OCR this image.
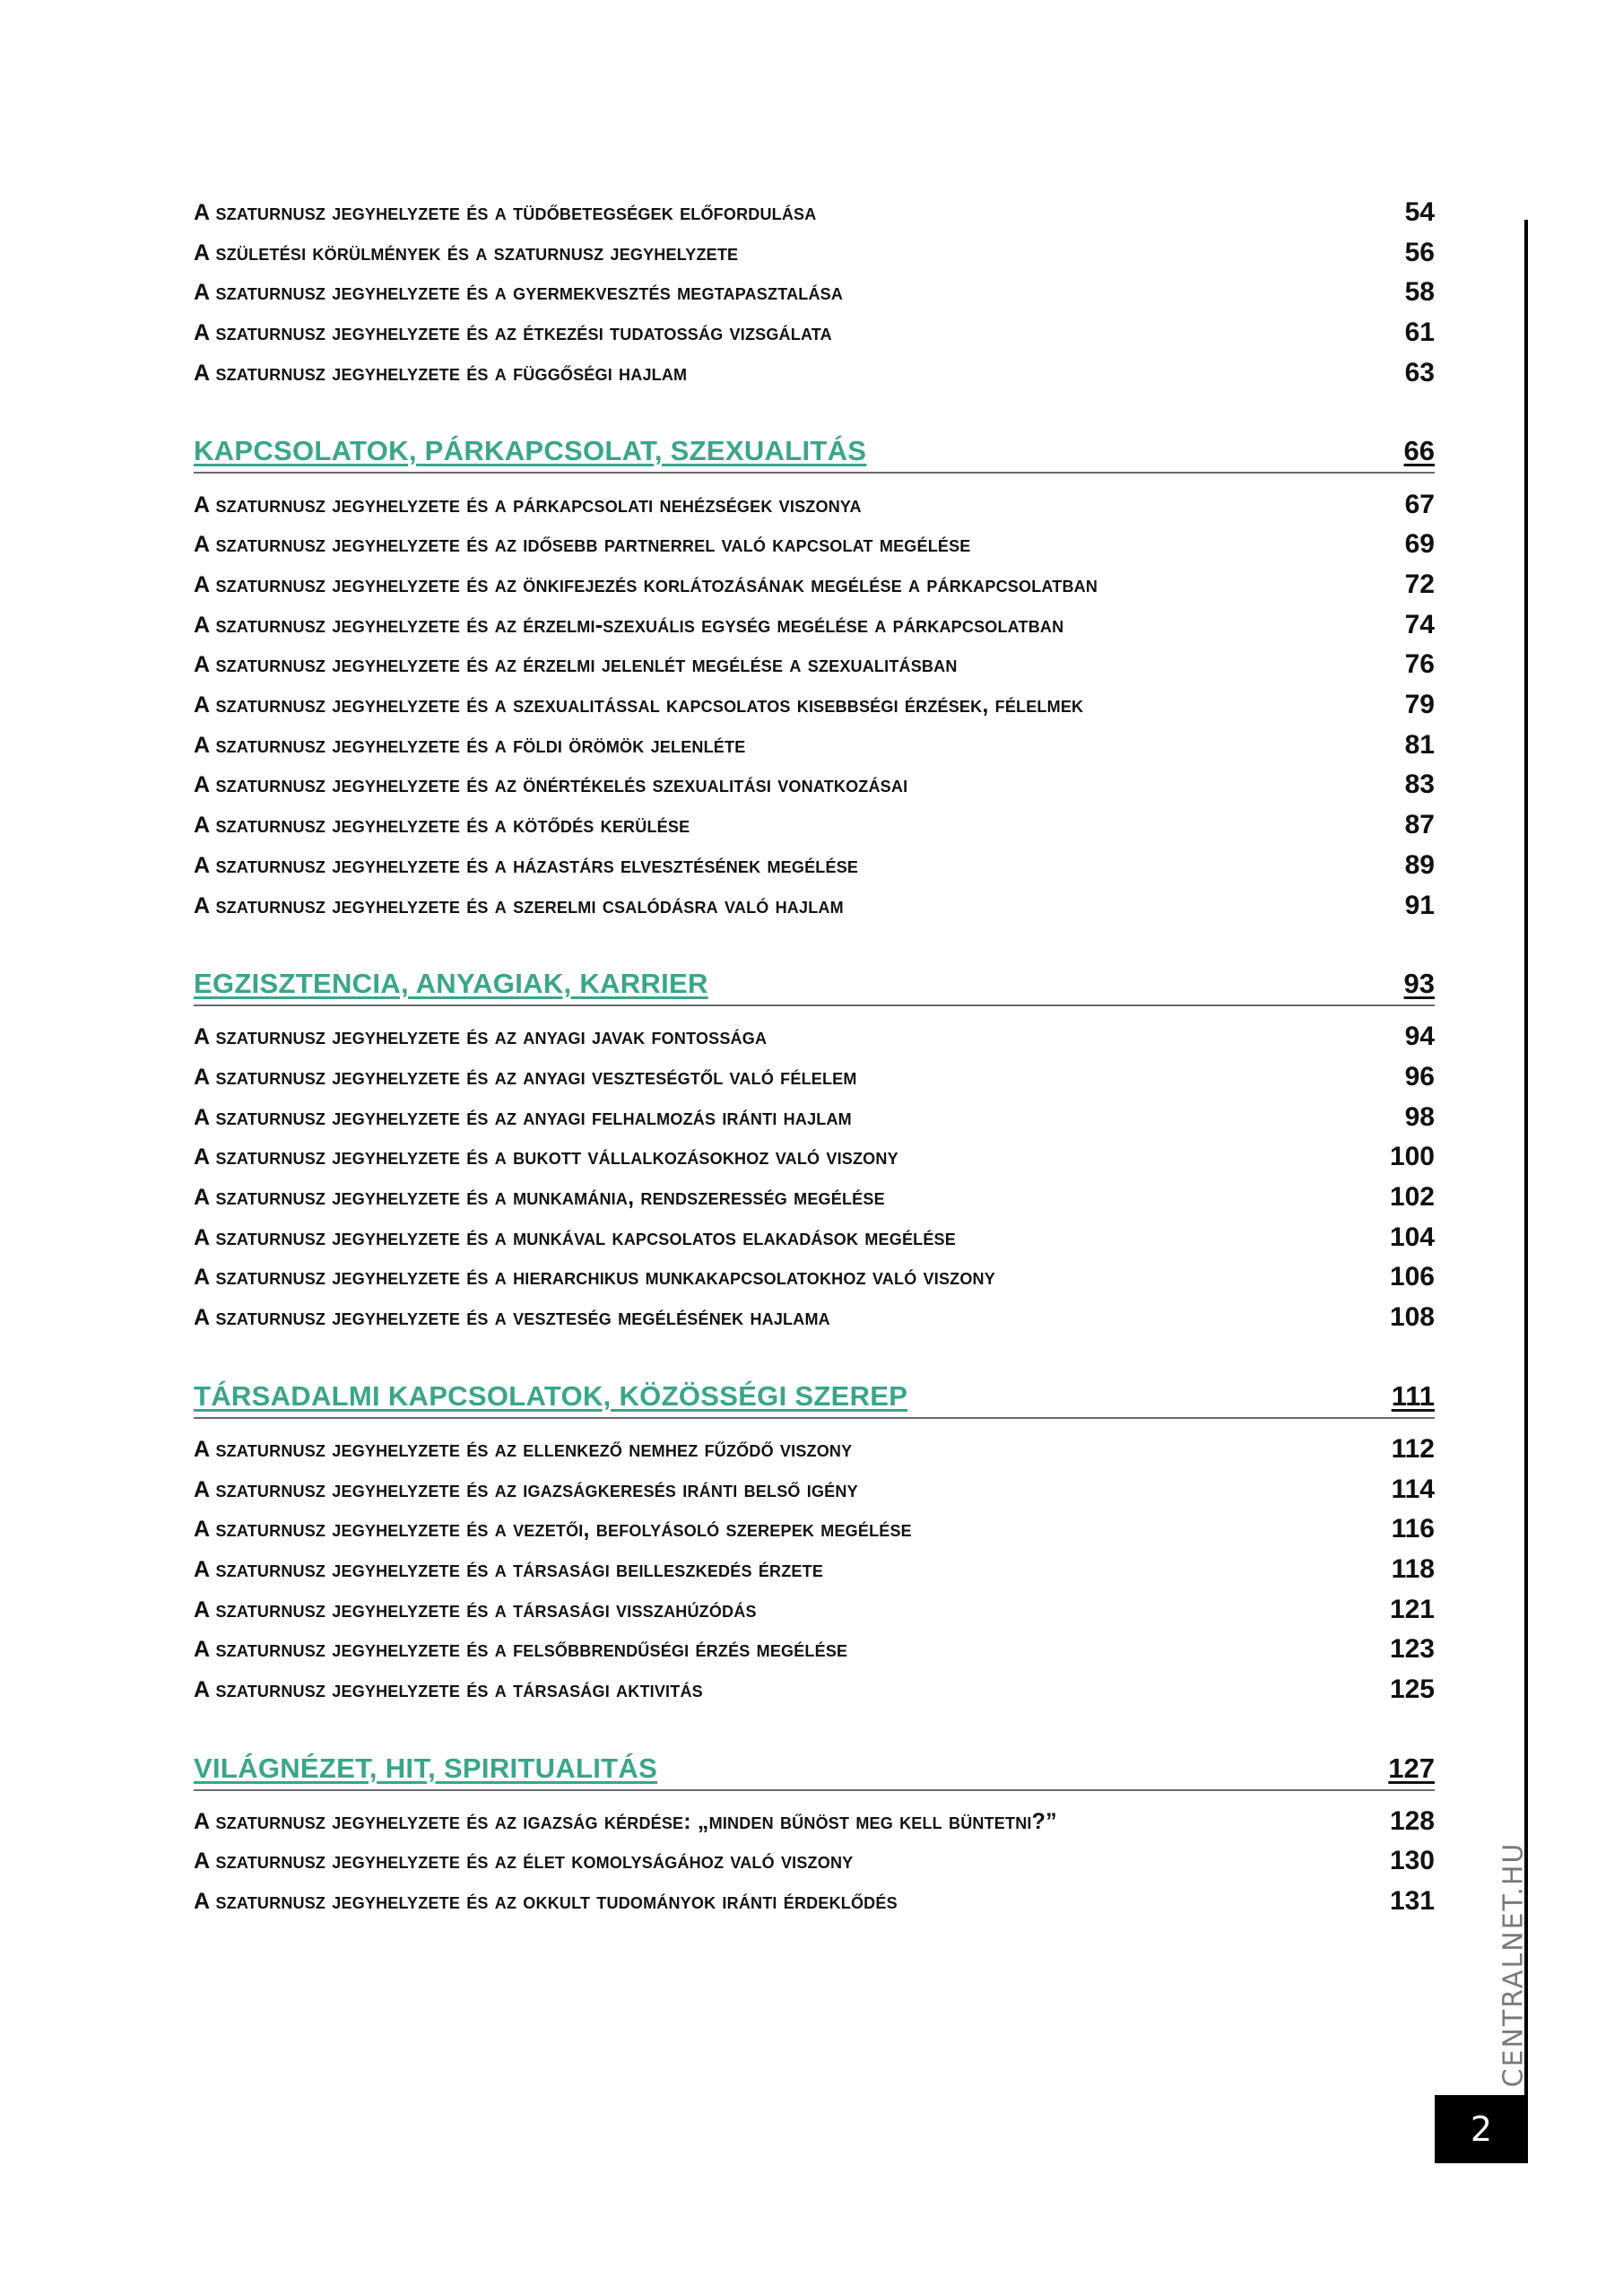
A szaturnusz jegyhelyzete és a tüdőbetegségek előfordulása	54
A születési körülmények és a szaturnusz jegyhelyzete	56
A szaturnusz jegyhelyzete és a gyermekvesztés megtapasztalása	58
A szaturnusz jegyhelyzete és az étkezési tudatosság vizsgálata	61
A szaturnusz jegyhelyzete és a függőségi hajlam	63
KAPCSOLATOK, PÁRKAPCSOLAT, SZEXUALITÁS	66
A szaturnusz jegyhelyzete és a párkapcsolati nehézségek viszonya	67
A szaturnusz jegyhelyzete és az idősebb partnerrel való kapcsolat megélése	69
A szaturnusz jegyhelyzete és az önkifejezés korlátozásának megélése a párkapcsolatban	72
A szaturnusz jegyhelyzete és az érzelmi-szexuális egység megélése a párkapcsolatban	74
A szaturnusz jegyhelyzete és az érzelmi jelenlét megélése a szexualitásban	76
A szaturnusz jegyhelyzete és a szexualitással kapcsolatos kisebbségi érzések, félelmek	79
A szaturnusz jegyhelyzete és a földi örömök jelenléte	81
A szaturnusz jegyhelyzete és az önértékelés szexualitási vonatkozásai	83
A szaturnusz jegyhelyzete és a kötődés kerülése	87
A szaturnusz jegyhelyzete és a házastárs elvesztésének megélése	89
A szaturnusz jegyhelyzete és a szerelmi csalódásra való hajlam	91
EGZISZTENCIA, ANYAGIAK, KARRIER	93
A szaturnusz jegyhelyzete és az anyagi javak fontossága	94
A szaturnusz jegyhelyzete és az anyagi veszteségtől való félelem	96
A szaturnusz jegyhelyzete és az anyagi felhalmozás iránti hajlam	98
A szaturnusz jegyhelyzete és a bukott vállalkozásokhoz való viszony	100
A szaturnusz jegyhelyzete és a munkamánia, rendszeresség megélése	102
A szaturnusz jegyhelyzete és a munkával kapcsolatos elakadások megélése	104
A szaturnusz jegyhelyzete és a hierarchikus munkakapcsolatokhoz való viszony	106
A szaturnusz jegyhelyzete és a veszteség megélésének hajlama	108
TÁRSADALMI KAPCSOLATOK, KÖZÖSSÉGI SZEREP	111
A szaturnusz jegyhelyzete és az ellenkező nemhez fűződő viszony	112
A szaturnusz jegyhelyzete és az igazságkeresés iránti belső igény	114
A szaturnusz jegyhelyzete és a vezetői, befolyásoló szerepek megélése	116
A szaturnusz jegyhelyzete és a társasági beilleszkedés érzete	118
A szaturnusz jegyhelyzete és a társasági visszahúzódás	121
A szaturnusz jegyhelyzete és a felsőbbrendűségi érzés megélése	123
A szaturnusz jegyhelyzete és a társasági aktivitás	125
VILÁGNÉZET, HIT, SPIRITUALITÁS	127
A szaturnusz jegyhelyzete és az igazság kérdése: „minden bűnöst meg kell büntetni?”	128
A szaturnusz jegyhelyzete és az élet komolyságához való viszony	130
A szaturnusz jegyhelyzete és az okkult tudományok iránti érdeklődés	131 CENTRALNET.HU
2
